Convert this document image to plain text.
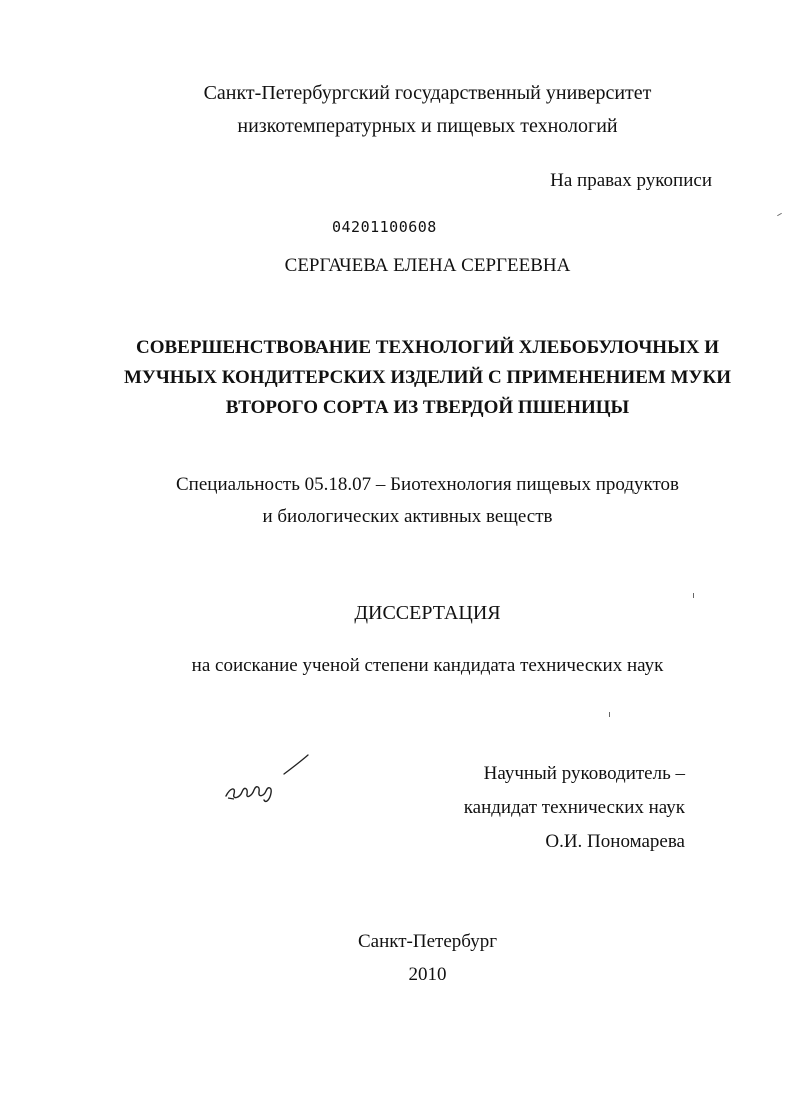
Санкт-Петербургский государственный университет
низкотемпературных и пищевых технологий
На правах рукописи
04201100608
СЕРГАЧЕВА ЕЛЕНА СЕРГЕЕВНА
СОВЕРШЕНСТВОВАНИЕ ТЕХНОЛОГИЙ ХЛЕБОБУЛОЧНЫХ И
МУЧНЫХ КОНДИТЕРСКИХ ИЗДЕЛИЙ С ПРИМЕНЕНИЕМ МУКИ
ВТОРОГО СОРТА ИЗ ТВЕРДОЙ ПШЕНИЦЫ
Специальность 05.18.07 – Биотехнология пищевых продуктов
и биологических активных веществ
ДИССЕРТАЦИЯ
на соискание ученой степени кандидата технических наук
Научный руководитель –
кандидат технических наук
О.И. Пономарева
Санкт-Петербург
2010
